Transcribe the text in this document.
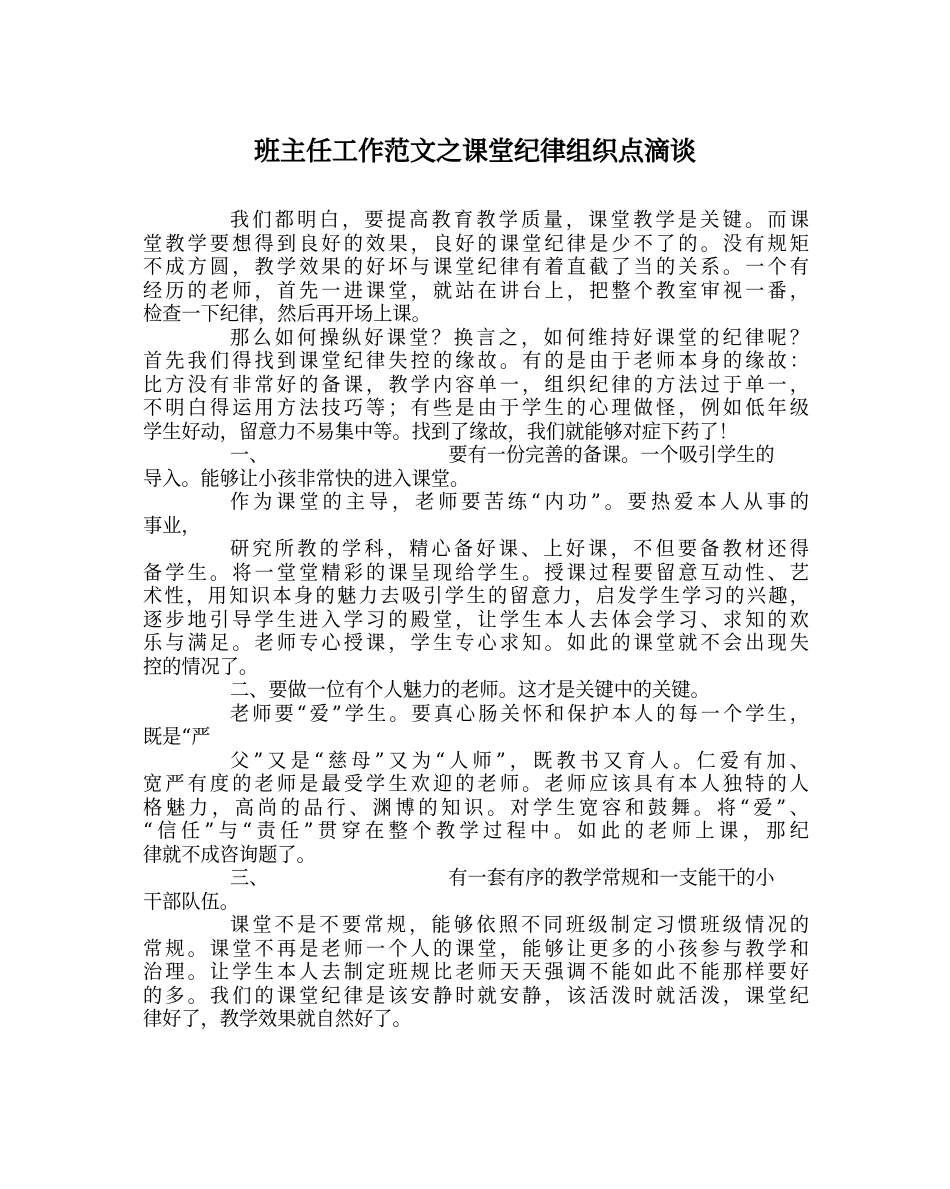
班主任工作范文之课堂纪律组织点滴谈
我们都明白，要提高教育教学质量，课堂教学是关键。而课
堂教学要想得到良好的效果，良好的课堂纪律是少不了的。没有规矩
不成方圆，教学效果的好坏与课堂纪律有着直截了当的关系。一个有
经历的老师，首先一进课堂，就站在讲台上，把整个教室审视一番，
检查一下纪律，然后再开场上课。
那么如何操纵好课堂？换言之，如何维持好课堂的纪律呢？
首先我们得找到课堂纪律失控的缘故。有的是由于老师本身的缘故：
比方没有非常好的备课，教学内容单一，组织纪律的方法过于单一，
不明白得运用方法技巧等；有些是由于学生的心理做怪，例如低年级
学生好动，留意力不易集中等。找到了缘故，我们就能够对症下药了！
一、	要有一份完善的备课。一个吸引学生的
导入。能够让小孩非常快的进入课堂。
作为课堂的主导，老师要苦练“内功”。要热爱本人从事的
事业，
研究所教的学科，精心备好课、上好课，不但要备教材还得
备学生。将一堂堂精彩的课呈现给学生。授课过程要留意互动性、艺
术性，用知识本身的魅力去吸引学生的留意力，启发学生学习的兴趣，
逐步地引导学生进入学习的殿堂，让学生本人去体会学习、求知的欢
乐与满足。老师专心授课，学生专心求知。如此的课堂就不会出现失
控的情况了。
二、要做一位有个人魅力的老师。这才是关键中的关键。
老师要“爱”学生。要真心肠关怀和保护本人的每一个学生，
既是“严
父”又是“慈母”又为“人师”，既教书又育人。仁爱有加、
宽严有度的老师是最受学生欢迎的老师。老师应该具有本人独特的人
格魅力，高尚的品行、渊博的知识。对学生宽容和鼓舞。将“爱”、
“信任”与“责任”贯穿在整个教学过程中。如此的老师上课，那纪
律就不成咨询题了。
三、	有一套有序的教学常规和一支能干的小
干部队伍。
课堂不是不要常规，能够依照不同班级制定习惯班级情况的
常规。课堂不再是老师一个人的课堂，能够让更多的小孩参与教学和
治理。让学生本人去制定班规比老师天天强调不能如此不能那样要好
的多。我们的课堂纪律是该安静时就安静，该活泼时就活泼，课堂纪
律好了，教学效果就自然好了。
